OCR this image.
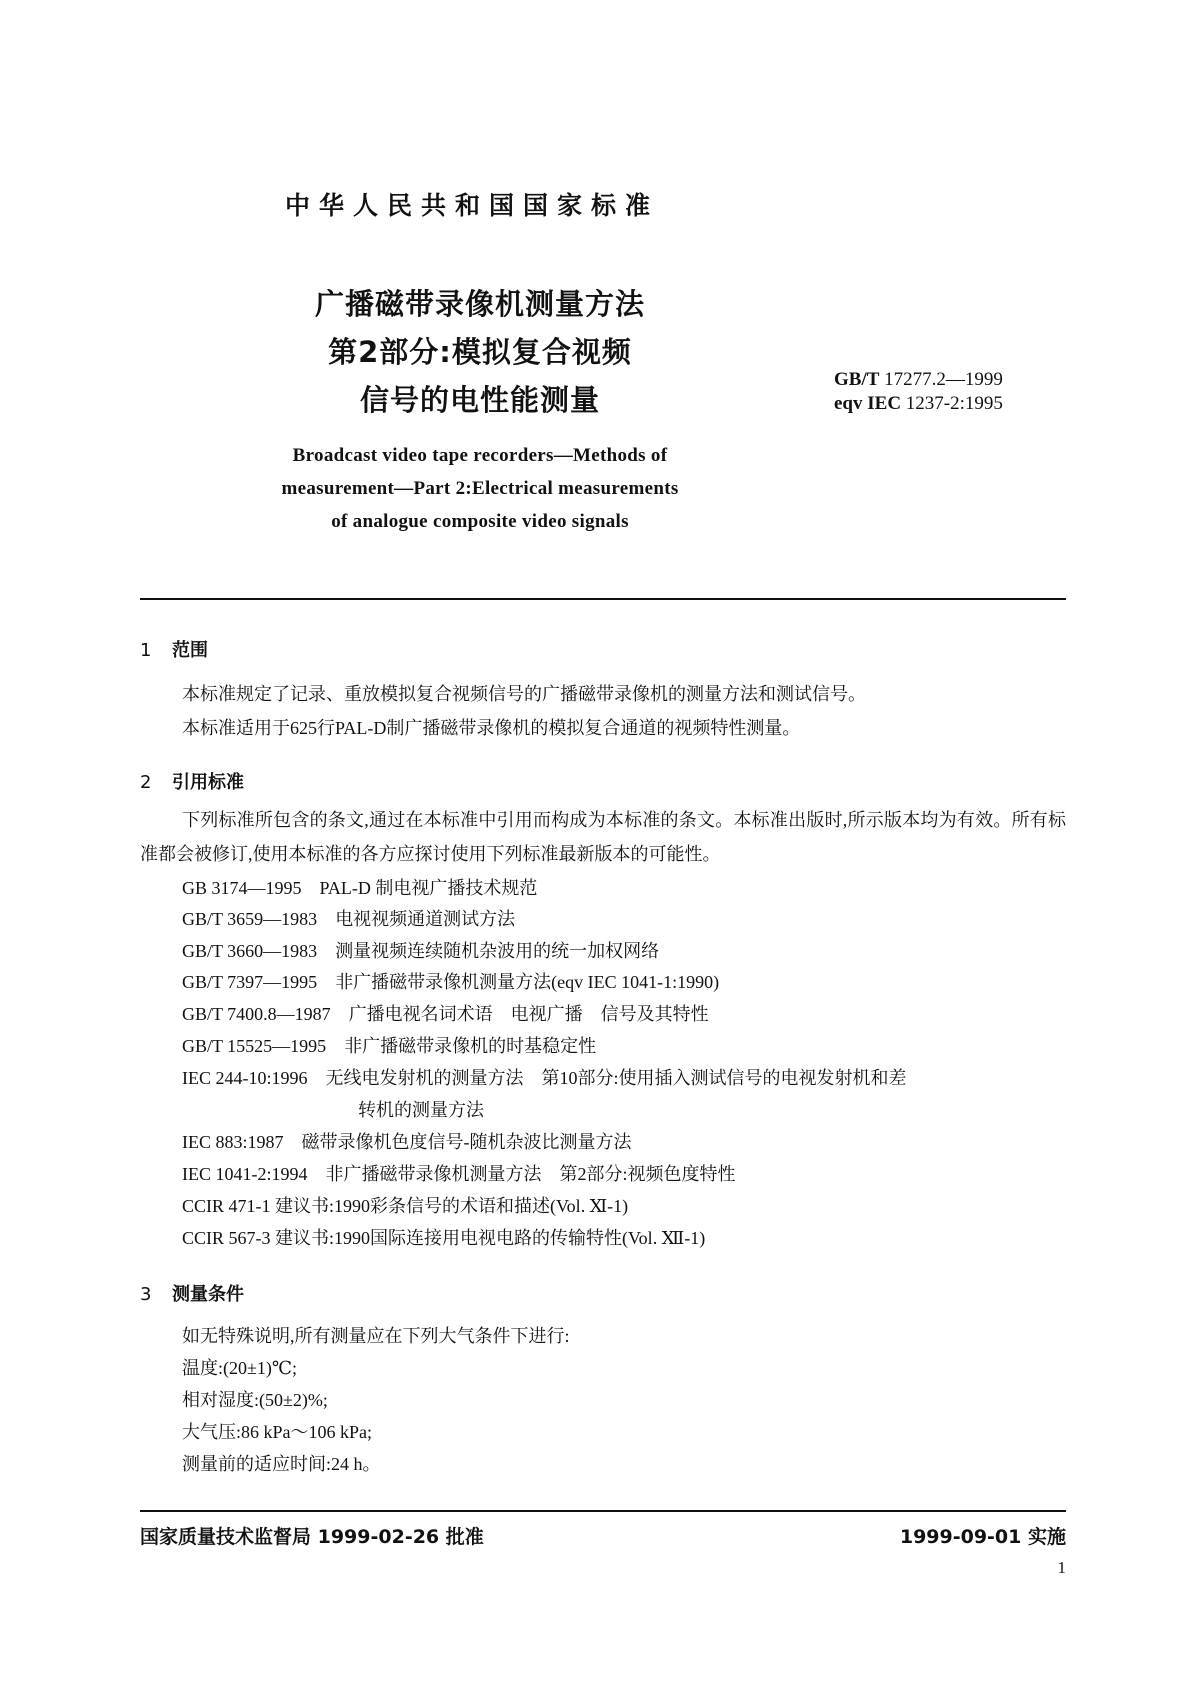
中华人民共和国国家标准
广播磁带录像机测量方法
第2部分:模拟复合视频
信号的电性能测量
GB/T 17277.2—1999
eqv IEC 1237-2:1995
Broadcast video tape recorders—Methods of
measurement—Part 2:Electrical measurements
of analogue composite video signals
1 范围
本标准规定了记录、重放模拟复合视频信号的广播磁带录像机的测量方法和测试信号。
本标准适用于625行PAL-D制广播磁带录像机的模拟复合通道的视频特性测量。
2 引用标准
下列标准所包含的条文,通过在本标准中引用而构成为本标准的条文。本标准出版时,所示版本均为有效。所有标准都会被修订,使用本标准的各方应探讨使用下列标准最新版本的可能性。
GB 3174—1995　 PAL-D 制电视广播技术规范
GB/T 3659—1983　 电视视频通道测试方法
GB/T 3660—1983　 测量视频连续随机杂波用的统一加权网络
GB/T 7397—1995　 非广播磁带录像机测量方法(eqv IEC 1041-1:1990)
GB/T 7400.8—1987　 广播电视名词术语　电视广播　信号及其特性
GB/T 15525—1995　 非广播磁带录像机的时基稳定性
IEC 244-10:1996　 无线电发射机的测量方法　第10部分:使用插入测试信号的电视发射机和差
转机的测量方法
IEC 883:1987　 磁带录像机色度信号-随机杂波比测量方法
IEC 1041-2:1994　 非广播磁带录像机测量方法　第2部分:视频色度特性
CCIR 471-1 建议书:1990彩条信号的术语和描述(Vol. Ⅺ-1)
CCIR 567-3 建议书:1990国际连接用电视电路的传输特性(Vol. Ⅻ-1)
3 测量条件
如无特殊说明,所有测量应在下列大气条件下进行:
温度:(20±1)℃;
相对湿度:(50±2)%;
大气压:86 kPa～106 kPa;
测量前的适应时间:24 h。
国家质量技术监督局 1999-02-26 批准	1999-09-01 实施
1
